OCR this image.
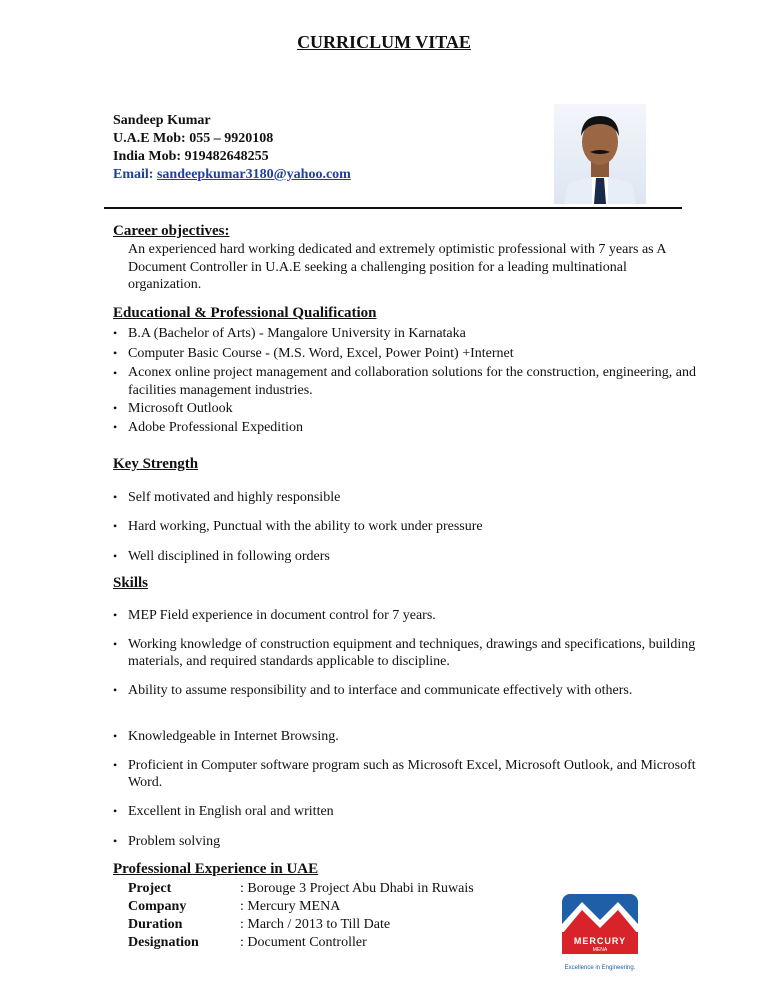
CURRICLUM VITAE
Sandeep Kumar
U.A.E Mob: 055 – 9920108
India Mob: 919482648255
Email: sandeepkumar3180@yahoo.com
Career objectives:
An experienced hard working dedicated and extremely optimistic professional with 7 years as A Document Controller in U.A.E seeking a challenging position for a leading multinational organization.
Educational & Professional Qualification
• B.A (Bachelor of Arts) - Mangalore University in Karnataka
• Computer Basic Course - (M.S. Word, Excel, Power Point) +Internet
• Aconex online project management and collaboration solutions for the construction, engineering, and facilities management industries.
• Microsoft Outlook
• Adobe Professional Expedition
Key Strength
• Self motivated and highly responsible
• Hard working, Punctual with the ability to work under pressure
• Well disciplined in following orders
Skills
• MEP Field experience in document control for 7 years.
• Working knowledge of construction equipment and techniques, drawings and specifications, building materials, and required standards applicable to discipline.
• Ability to assume responsibility and to interface and communicate effectively with others.
• Knowledgeable in Internet Browsing.
• Proficient in Computer software program such as Microsoft Excel, Microsoft Outlook, and Microsoft Word.
• Excellent in English oral and written
• Problem solving
Professional Experience in UAE
Project	: Borouge 3 Project Abu Dhabi in Ruwais
Company	: Mercury MENA
Duration	: March / 2013 to Till Date
Designation	: Document Controller	MERCURY
MENA
Excellence in Engineering.
